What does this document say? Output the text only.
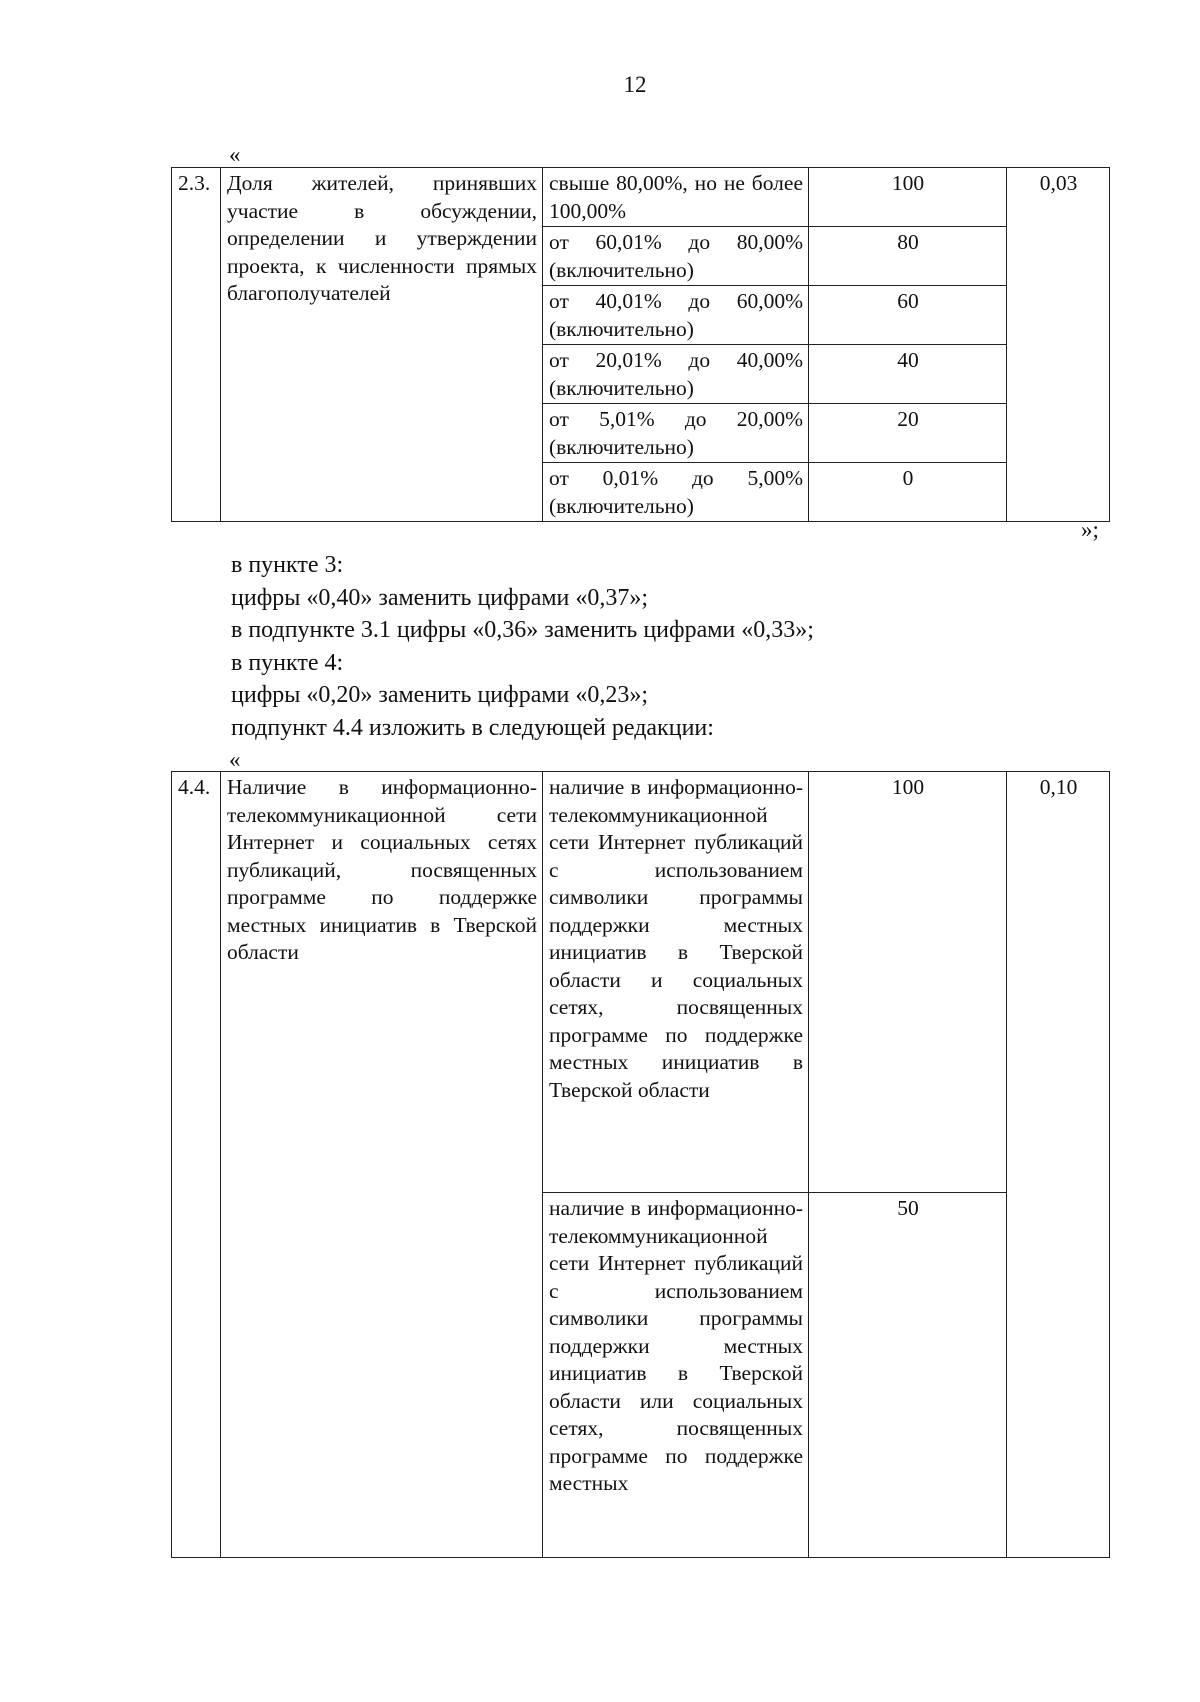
12
«
2.3.	Доля жителей, принявших участие в обсуждении, определении и утверждении проекта, к численности прямых благополучателей	свыше 80,00%, но не более 100,00%	100	0,03
		от 60,01% до 80,00% (включительно)	80	
		от 40,01% до 60,00% (включительно)	60	
		от 20,01% до 40,00% (включительно)	40	
		от 5,01% до 20,00% (включительно)	20	
		от 0,01% до 5,00% (включительно)	0	
»;
в пункте 3:
цифры «0,40» заменить цифрами «0,37»;
в подпункте 3.1 цифры «0,36» заменить цифрами «0,33»;
в пункте 4:
цифры «0,20» заменить цифрами «0,23»;
подпункт 4.4 изложить в следующей редакции:
«
4.4.	Наличие в информационно-телекоммуникационной сети Интернет и социальных сетях публикаций, посвященных программе по поддержке местных инициатив в Тверской области	наличие в информационно-телекоммуникационной сети Интернет публикаций с использованием символики программы поддержки местных инициатив в Тверской области и социальных сетях, посвященных программе по поддержке местных инициатив в Тверской области	100	0,10
		наличие в информационно-телекоммуникационной сети Интернет публикаций с использованием символики программы поддержки местных инициатив в Тверской области или социальных сетях, посвященных программе по поддержке местных	50	
